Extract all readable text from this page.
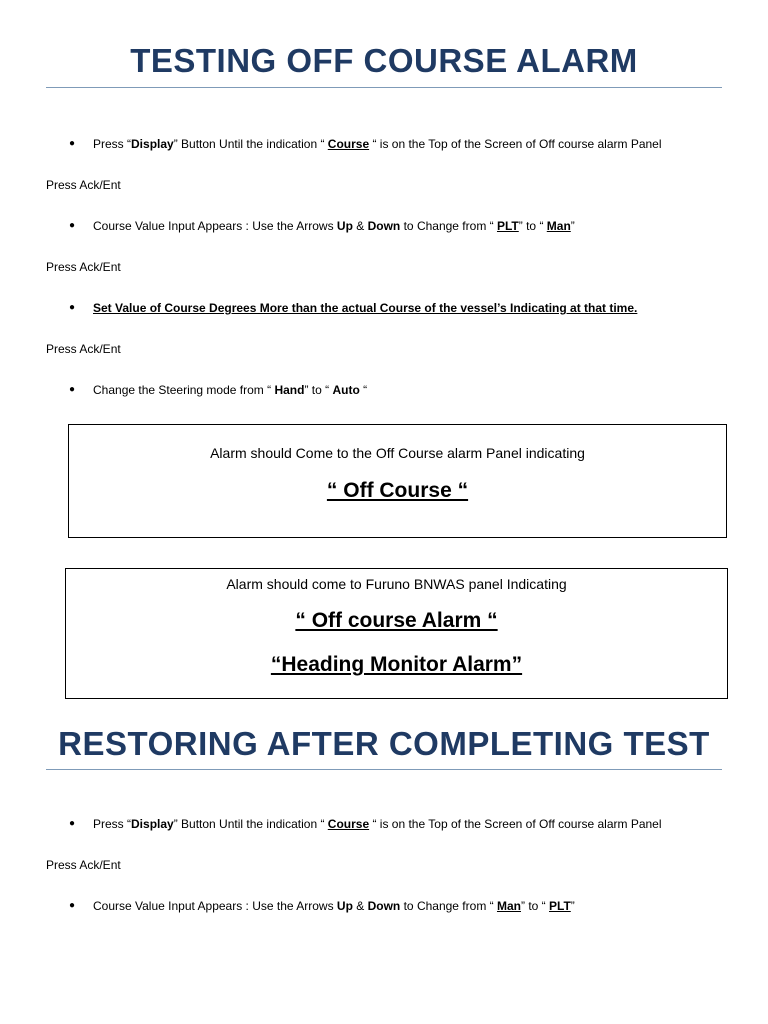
TESTING OFF COURSE ALARM
● Press “Display” Button Until the indication “ Course “ is on the Top of the Screen of Off course alarm Panel
Press Ack/Ent
● Course Value Input Appears : Use the Arrows Up & Down to Change from “ PLT” to “ Man”
Press Ack/Ent
● Set Value of Course Degrees More than the actual Course of the vessel’s Indicating at that time.
Press Ack/Ent
● Change the Steering mode from “ Hand” to “ Auto “
Alarm should Come to the Off Course alarm Panel indicating
“ Off Course “
Alarm should come to Furuno BNWAS panel Indicating
“ Off course Alarm “
“Heading Monitor Alarm”
RESTORING AFTER COMPLETING TEST
● Press “Display” Button Until the indication “ Course “ is on the Top of the Screen of Off course alarm Panel
Press Ack/Ent
● Course Value Input Appears : Use the Arrows Up & Down to Change from “ Man” to “ PLT”
